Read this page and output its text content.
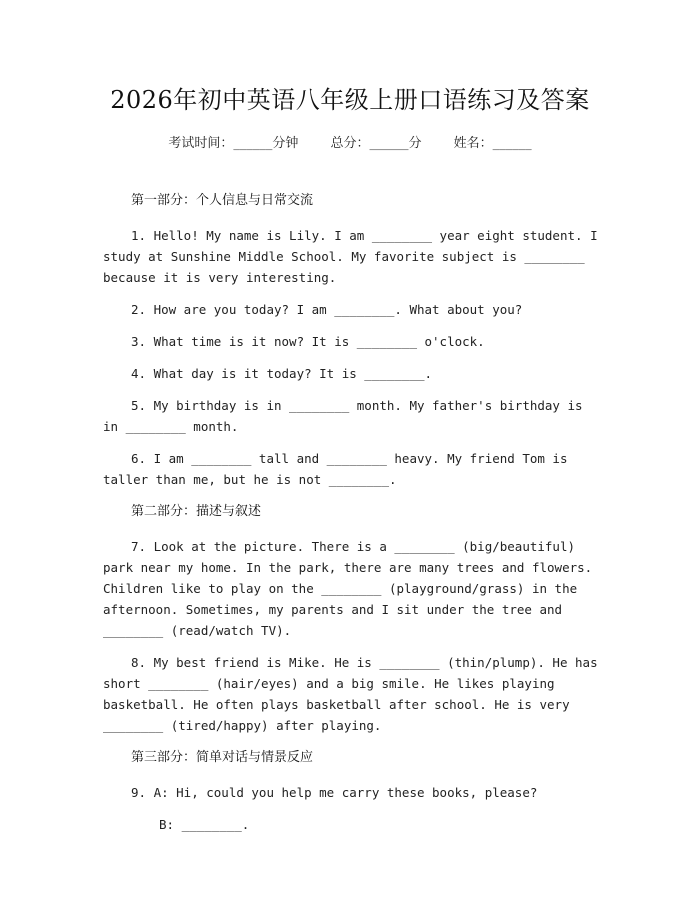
2026年初中英语八年级上册口语练习及答案
考试时间：______分钟 总分：______分 姓名：______
第一部分：个人信息与日常交流
1. Hello! My name is Lily. I am ________ year eight student. I study at Sunshine Middle School. My favorite subject is ________ because it is very interesting.
2. How are you today? I am ________. What about you?
3. What time is it now? It is ________ o'clock.
4. What day is it today? It is ________.
5. My birthday is in ________ month. My father's birthday is in ________ month.
6. I am ________ tall and ________ heavy. My friend Tom is taller than me, but he is not ________.
第二部分：描述与叙述
7. Look at the picture. There is a ________ (big/beautiful) park near my home. In the park, there are many trees and flowers. Children like to play on the ________ (playground/grass) in the afternoon. Sometimes, my parents and I sit under the tree and ________ (read/watch TV).
8. My best friend is Mike. He is ________ (thin/plump). He has short ________ (hair/eyes) and a big smile. He likes playing basketball. He often plays basketball after school. He is very ________ (tired/happy) after playing.
第三部分：简单对话与情景反应
9. A: Hi, could you help me carry these books, please?
B: ________.
